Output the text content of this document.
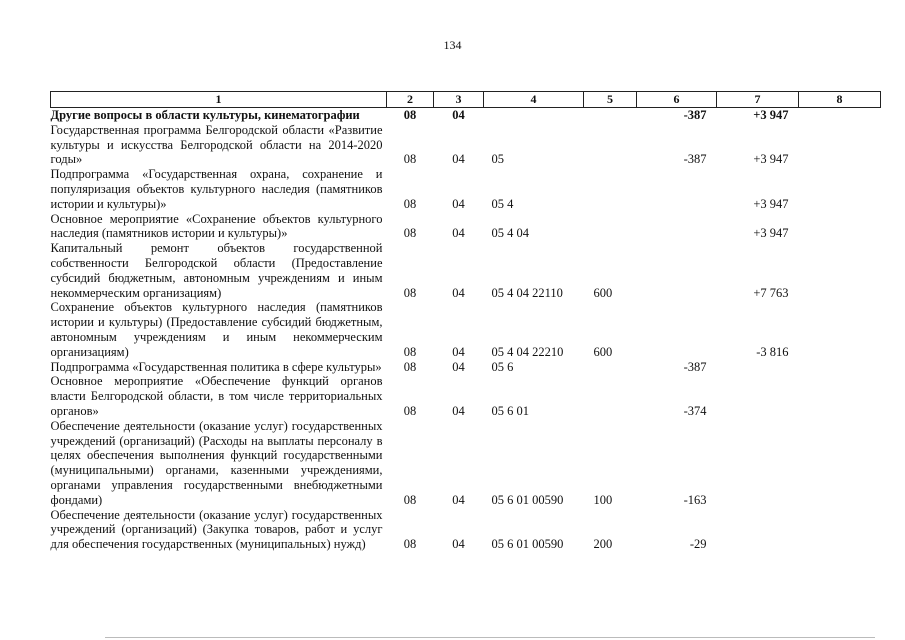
134
1	2	3	4	5	6	7	8
Другие вопросы в области культуры, кинематографии	08	04			-387	+3 947	
Государственная программа Белгородской области «Развитие культуры и искусства Белгородской области на 2014-2020 годы»	08	04	05		-387	+3 947	
Подпрограмма «Государственная охрана, сохранение и популяризация объектов культурного наследия (памятников истории и культуры)»	08	04	05 4			+3 947	
Основное мероприятие «Сохранение объектов культурного наследия (памятников истории и культуры)»	08	04	05 4 04			+3 947	
Капитальный ремонт объектов государственной собственности Белгородской области (Предоставление субсидий бюджетным, автономным учреждениям и иным некоммерческим организациям)	08	04	05 4 04 22110	600		+7 763	
Сохранение объектов культурного наследия (памятников истории и культуры) (Предоставление субсидий бюджетным, автономным учреждениям и иным некоммерческим организациям)	08	04	05 4 04 22210	600		-3 816	
Подпрограмма «Государственная политика в сфере культуры»	08	04	05 6		-387		
Основное мероприятие «Обеспечение функций органов власти Белгородской области, в том числе территориальных органов»	08	04	05 6 01		-374		
Обеспечение деятельности (оказание услуг) государственных учреждений (организаций) (Расходы на выплаты персоналу в целях обеспечения выполнения функций государственными (муниципальными) органами, казенными учреждениями, органами управления государственными внебюджетными фондами)	08	04	05 6 01 00590	100	-163		
Обеспечение деятельности (оказание услуг) государственных учреждений (организаций) (Закупка товаров, работ и услуг для обеспечения государственных (муниципальных) нужд)	08	04	05 6 01 00590	200	-29		
